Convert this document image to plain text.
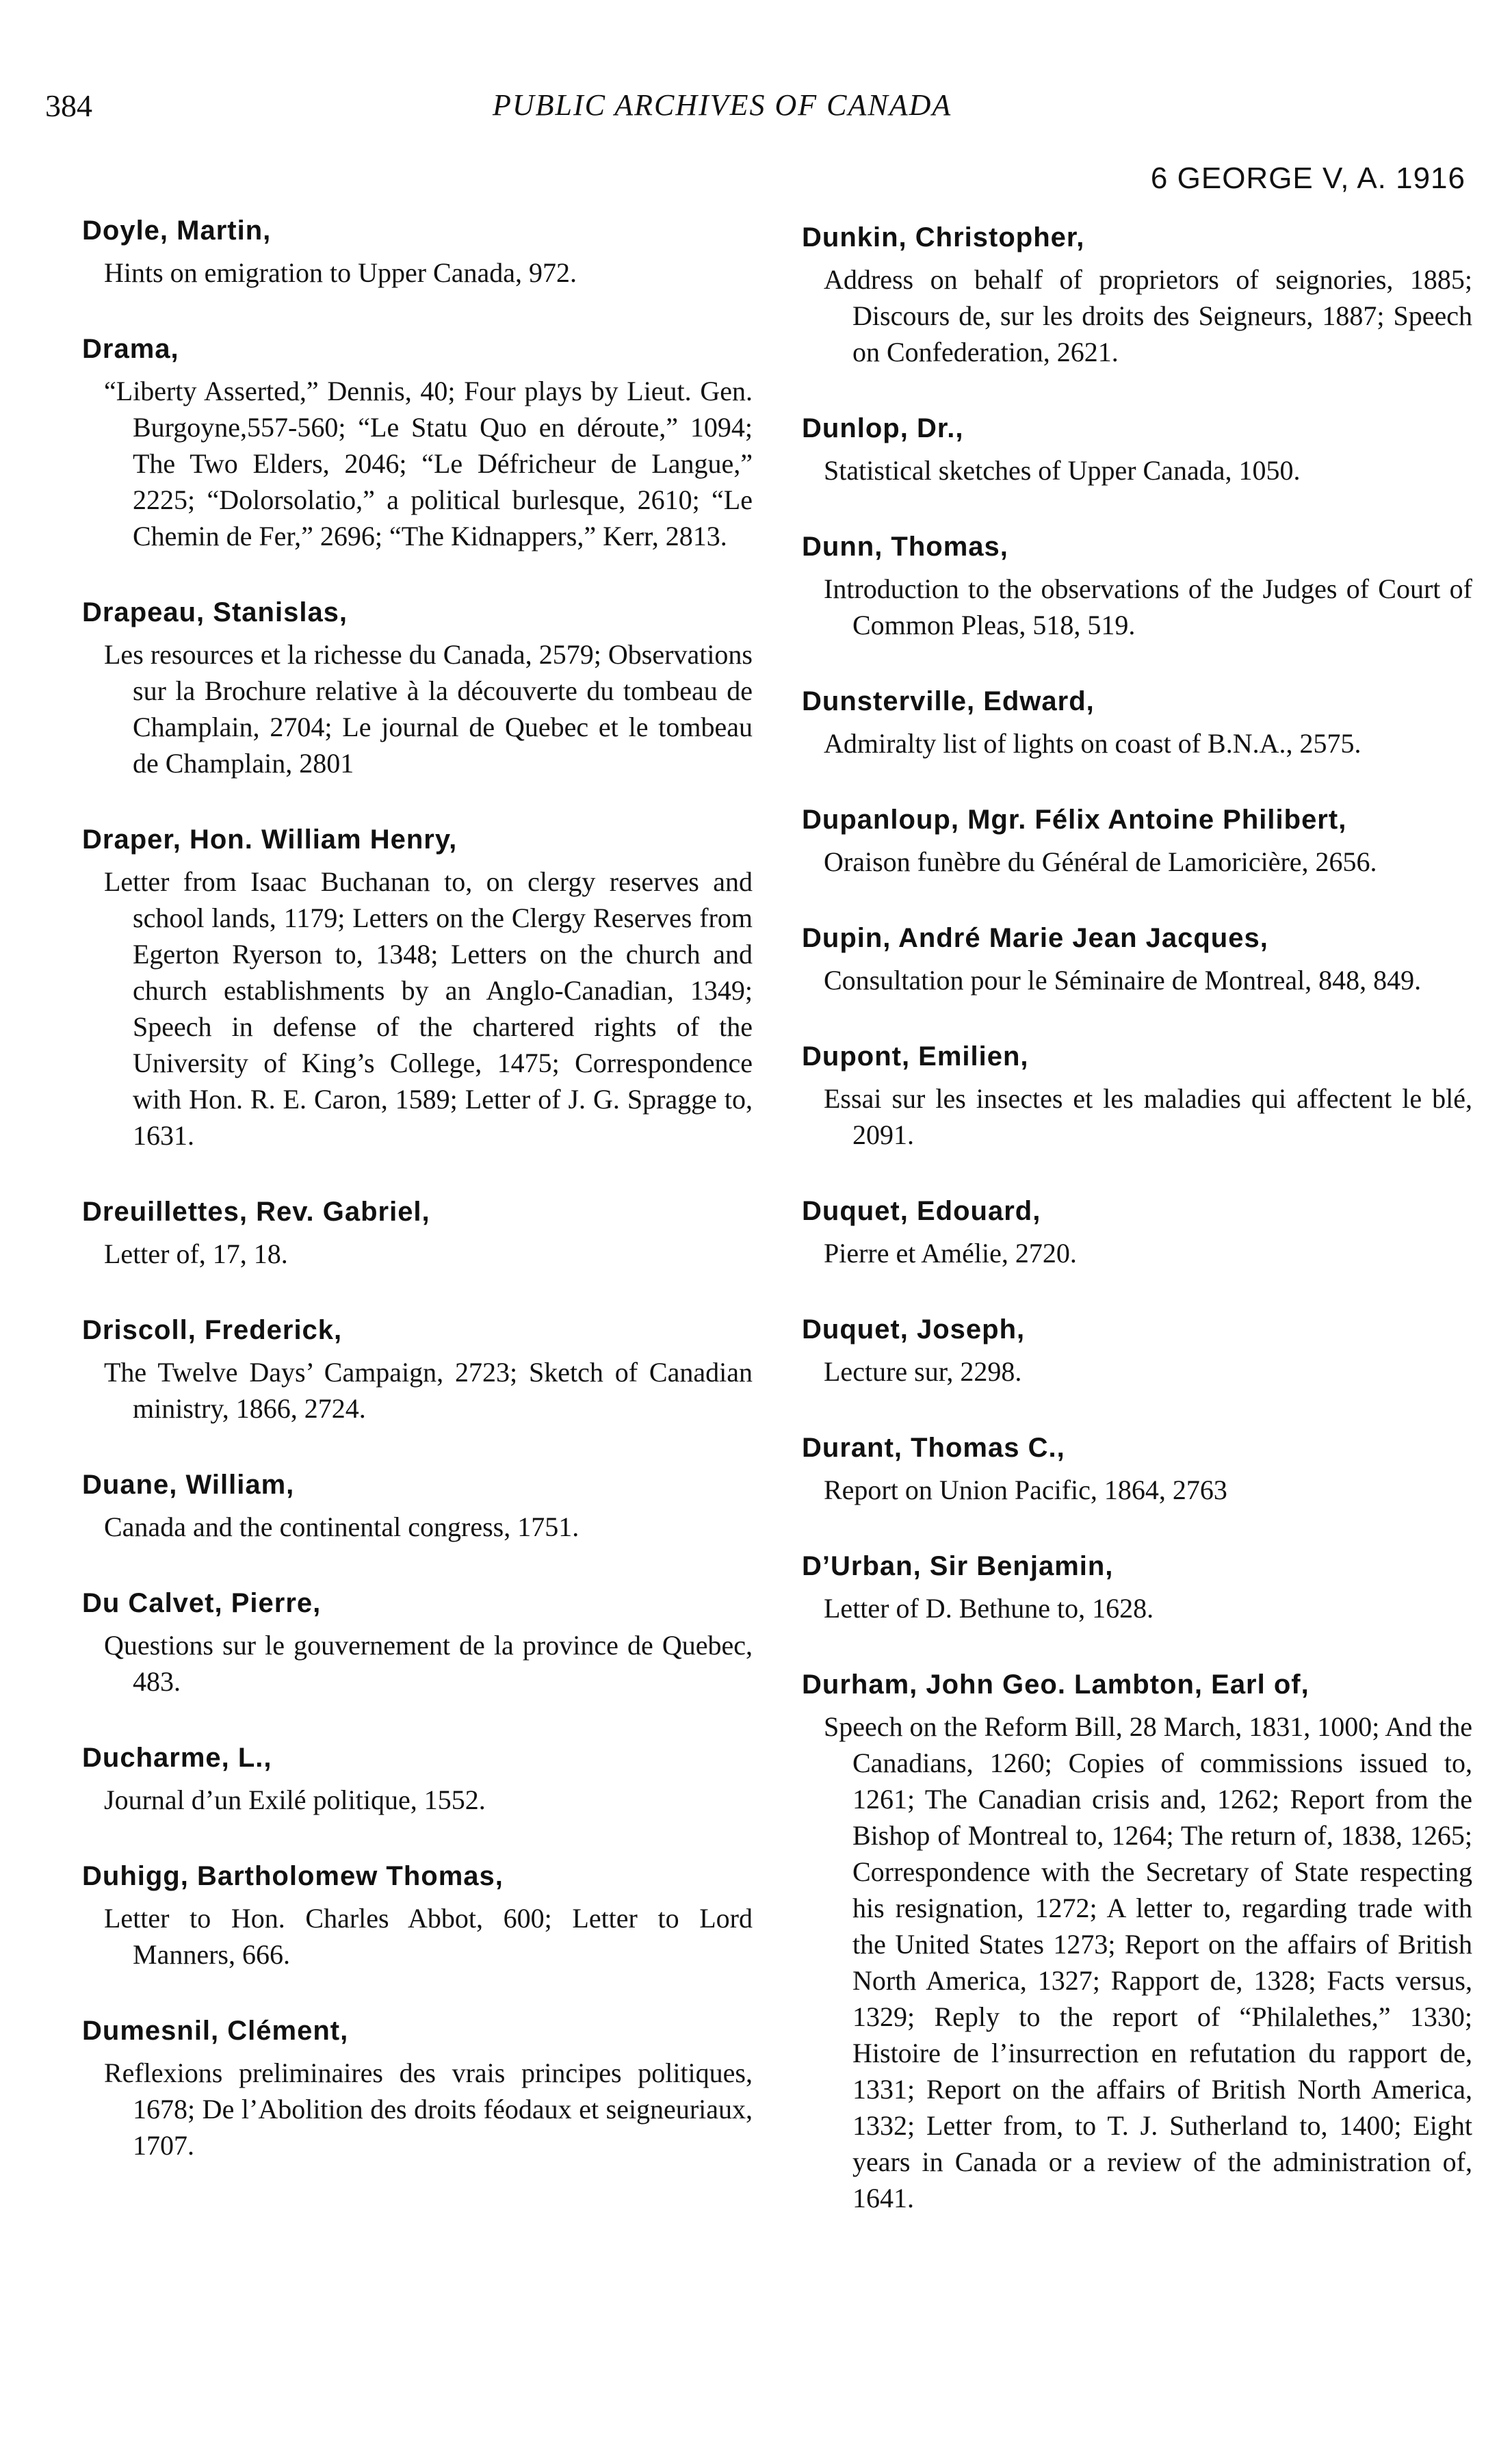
384	PUBLIC ARCHIVES OF CANADA
6 GEORGE V, A. 1916
Doyle, Martin,
Hints on emigration to Upper Canada, 972.
Drama,
“Liberty Asserted,” Dennis, 40; Four plays by Lieut. Gen. Burgoyne,557-560; “Le Statu Quo en déroute,” 1094; The Two Elders, 2046; “Le Défricheur de Langue,” 2225; “Dolorsolatio,” a political burlesque, 2610; “Le Chemin de Fer,” 2696; “The Kidnappers,” Kerr, 2813.
Drapeau, Stanislas,
Les resources et la richesse du Canada, 2579; Observations sur la Brochure relative à la découverte du tombeau de Champlain, 2704; Le journal de Quebec et le tombeau de Champlain, 2801
Draper, Hon. William Henry,
Letter from Isaac Buchanan to, on clergy reserves and school lands, 1179; Letters on the Clergy Reserves from Egerton Ryerson to, 1348; Letters on the church and church establishments by an Anglo-Canadian, 1349; Speech in defense of the chartered rights of the University of King’s College, 1475; Correspondence with Hon. R. E. Caron, 1589; Letter of J. G. Spragge to, 1631.
Dreuillettes, Rev. Gabriel,
Letter of, 17, 18.
Driscoll, Frederick,
The Twelve Days’ Campaign, 2723; Sketch of Canadian ministry, 1866, 2724.
Duane, William,
Canada and the continental congress, 1751.
Du Calvet, Pierre,
Questions sur le gouvernement de la province de Quebec, 483.
Ducharme, L.,
Journal d’un Exilé politique, 1552.
Duhigg, Bartholomew Thomas,
Letter to Hon. Charles Abbot, 600; Letter to Lord Manners, 666.
Dumesnil, Clément,
Reflexions preliminaires des vrais principes politiques, 1678; De l’Abolition des droits féodaux et seigneuriaux, 1707.
Dunkin, Christopher,
Address on behalf of proprietors of seignories, 1885; Discours de, sur les droits des Seigneurs, 1887; Speech on Confederation, 2621.
Dunlop, Dr.,
Statistical sketches of Upper Canada, 1050.
Dunn, Thomas,
Introduction to the observations of the Judges of Court of Common Pleas, 518, 519.
Dunsterville, Edward,
Admiralty list of lights on coast of B.N.A., 2575.
Dupanloup, Mgr. Félix Antoine Philibert,
Oraison funèbre du Général de Lamoricière, 2656.
Dupin, André Marie Jean Jacques,
Consultation pour le Séminaire de Montreal, 848, 849.
Dupont, Emilien,
Essai sur les insectes et les maladies qui affectent le blé, 2091.
Duquet, Edouard,
Pierre et Amélie, 2720.
Duquet, Joseph,
Lecture sur, 2298.
Durant, Thomas C.,
Report on Union Pacific, 1864, 2763
D’Urban, Sir Benjamin,
Letter of D. Bethune to, 1628.
Durham, John Geo. Lambton, Earl of,
Speech on the Reform Bill, 28 March, 1831, 1000; And the Canadians, 1260; Copies of commissions issued to, 1261; The Canadian crisis and, 1262; Report from the Bishop of Montreal to, 1264; The return of, 1838, 1265; Correspondence with the Secretary of State respecting his resignation, 1272; A letter to, regarding trade with the United States 1273; Report on the affairs of British North America, 1327; Rapport de, 1328; Facts versus, 1329; Reply to the report of “Philalethes,” 1330; Histoire de l’insurrection en refutation du rapport de, 1331; Report on the affairs of British North America, 1332; Letter from, to T. J. Sutherland to, 1400; Eight years in Canada or a review of the administration of, 1641.
